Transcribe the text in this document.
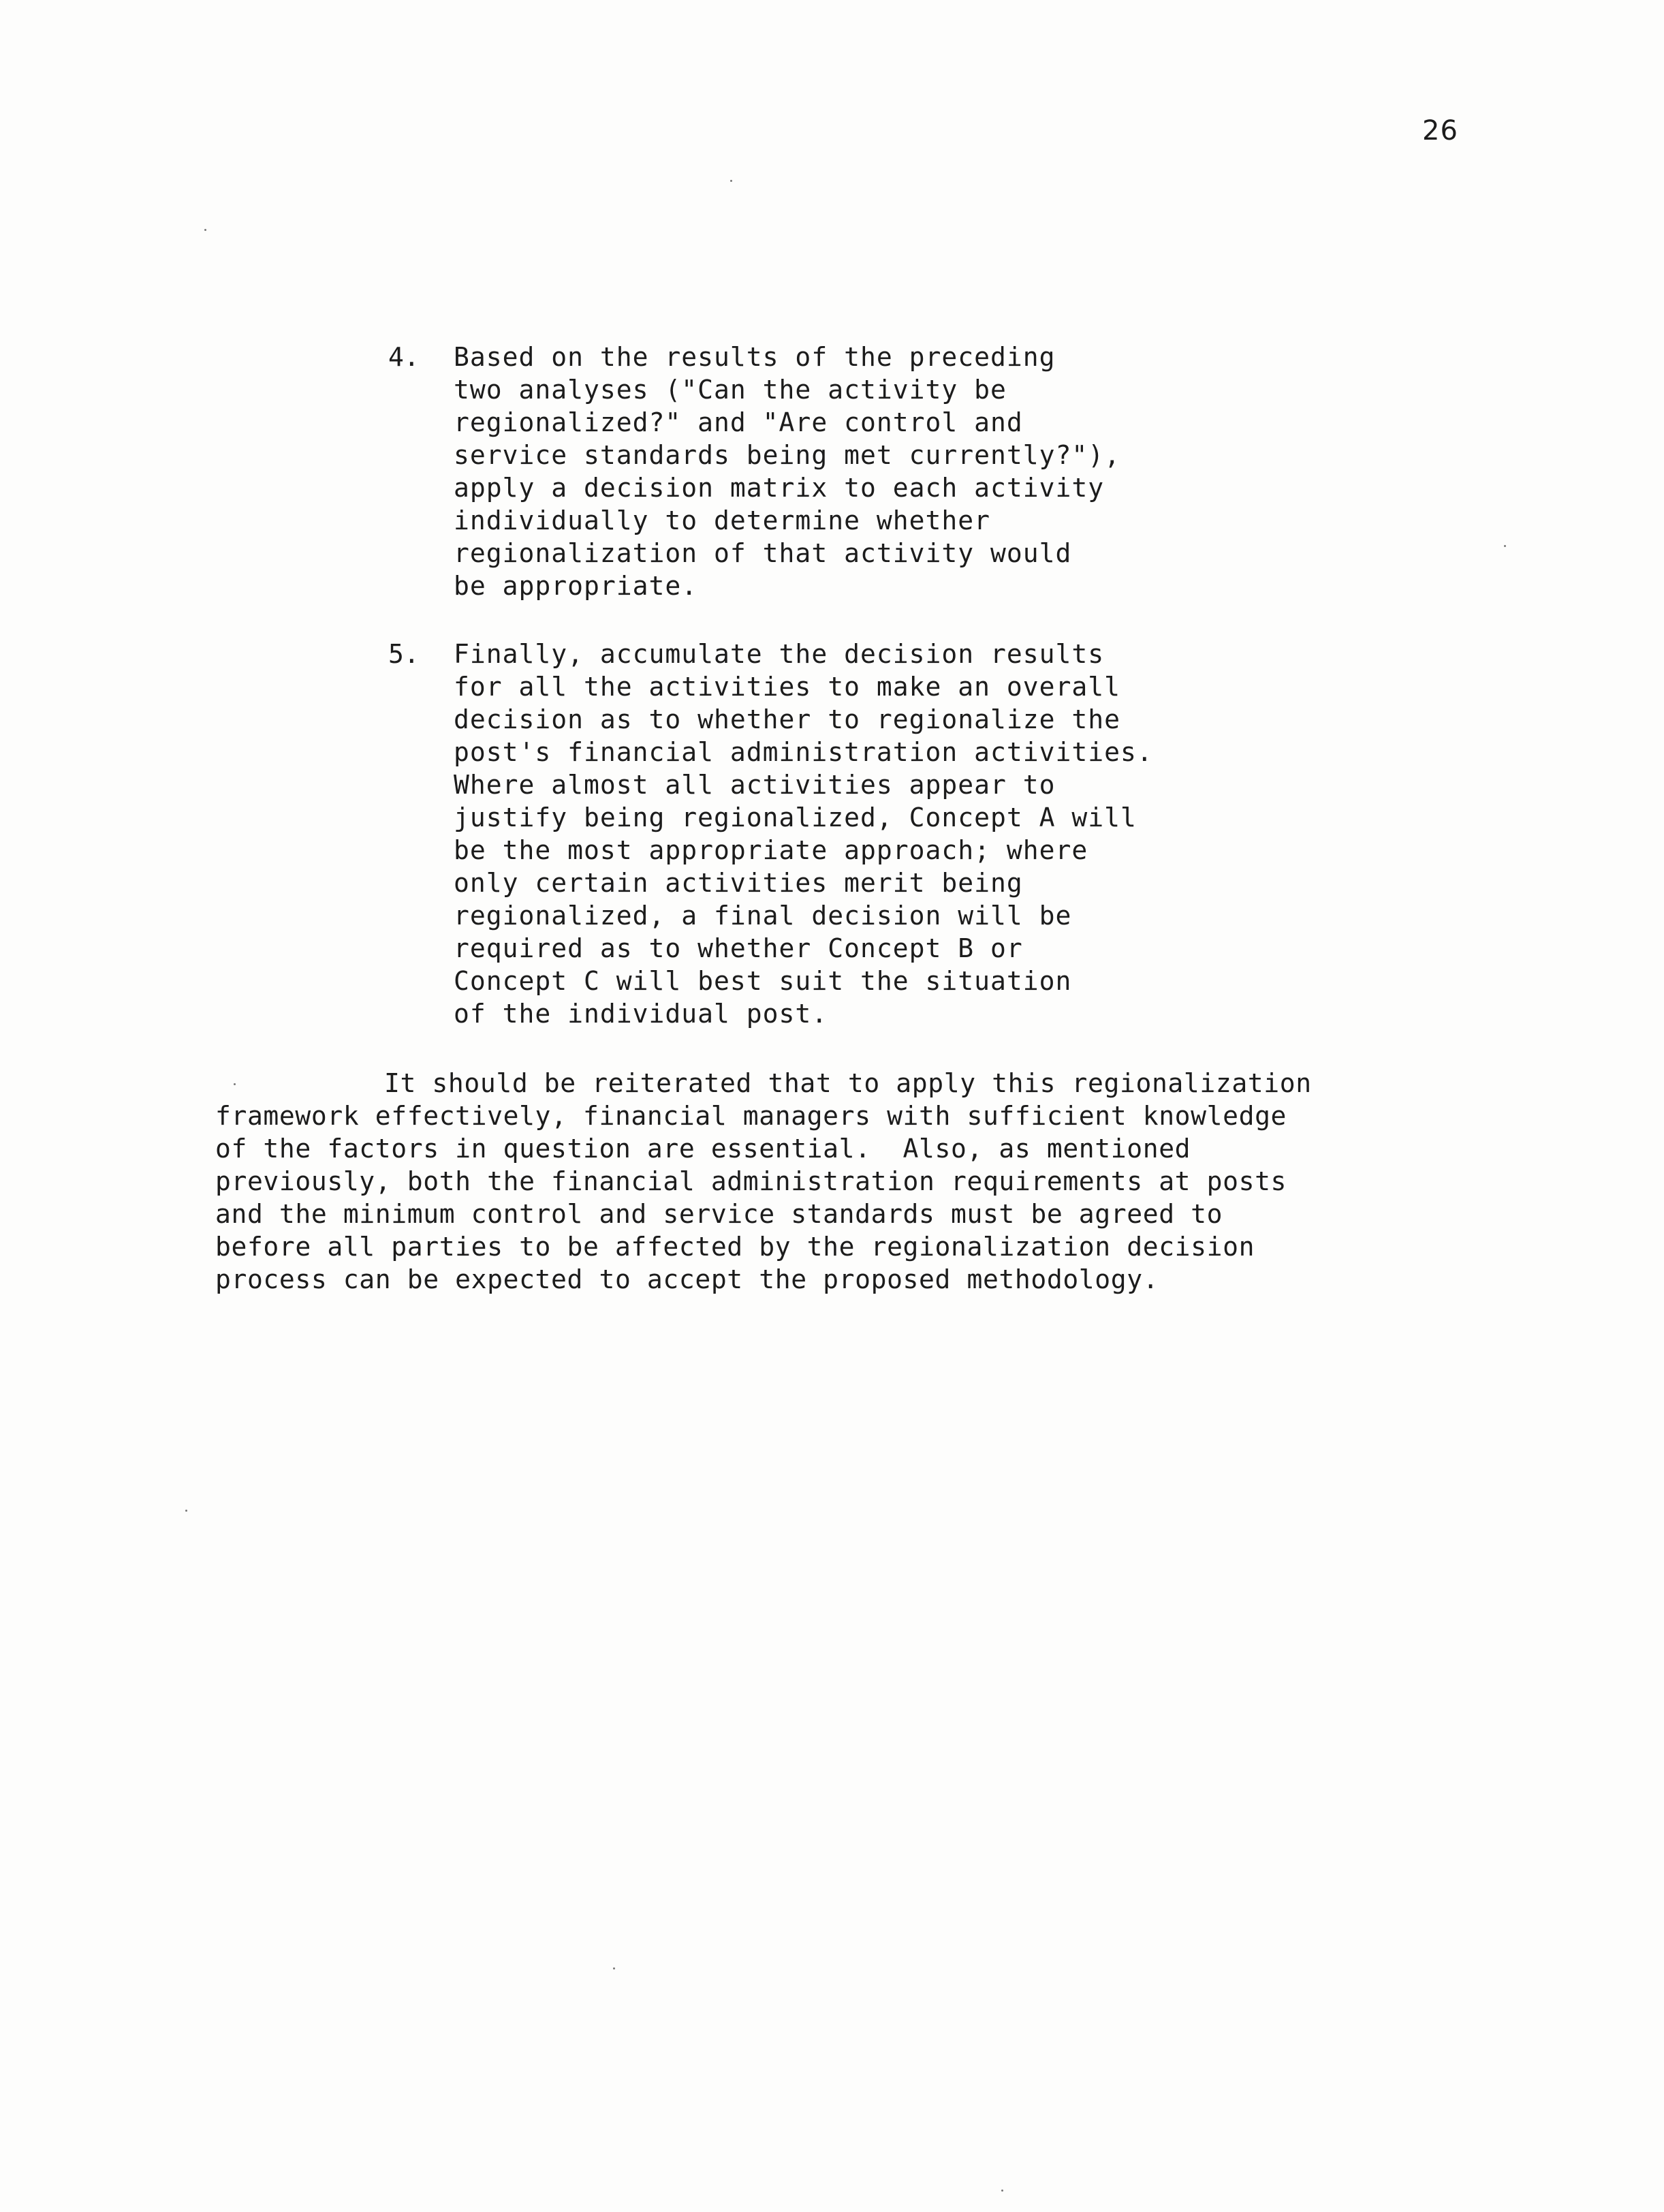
26
4. Based on the results of the preceding
two analyses ("Can the activity be
regionalized?" and "Are control and
service standards being met currently?"),
apply a decision matrix to each activity
individually to determine whether
regionalization of that activity would
be appropriate.
5. Finally, accumulate the decision results
for all the activities to make an overall
decision as to whether to regionalize the
post's financial administration activities.
Where almost all activities appear to
justify being regionalized, Concept A will
be the most appropriate approach; where
only certain activities merit being
regionalized, a final decision will be
required as to whether Concept B or
Concept C will best suit the situation
of the individual post.
It should be reiterated that to apply this regionalization
framework effectively, financial managers with sufficient knowledge
of the factors in question are essential.  Also, as mentioned
previously, both the financial administration requirements at posts
and the minimum control and service standards must be agreed to
before all parties to be affected by the regionalization decision
process can be expected to accept the proposed methodology.
